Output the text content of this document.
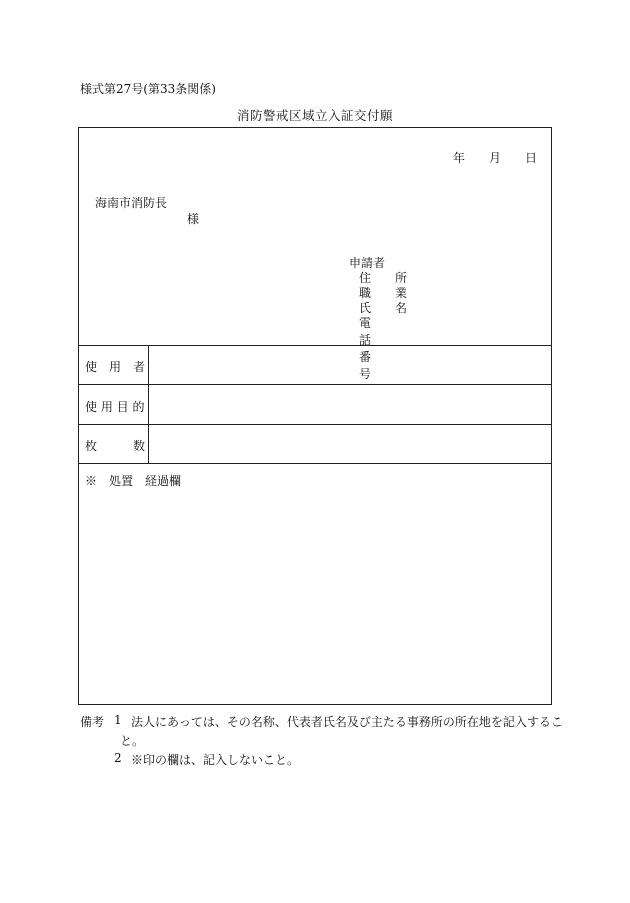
様式第27号(第33条関係)
消防警戒区域立入証交付願
年 月 日
海南市消防長
様
申請者
住 所
職 業
氏 名
電話番号
使　用　者
使 用 目 的
枚　　　数
※　処置　経過欄
備考 1 法人にあっては、その名称、代表者氏名及び主たる事務所の所在地を記入するこ
と。
2 ※印の欄は、記入しないこと。
